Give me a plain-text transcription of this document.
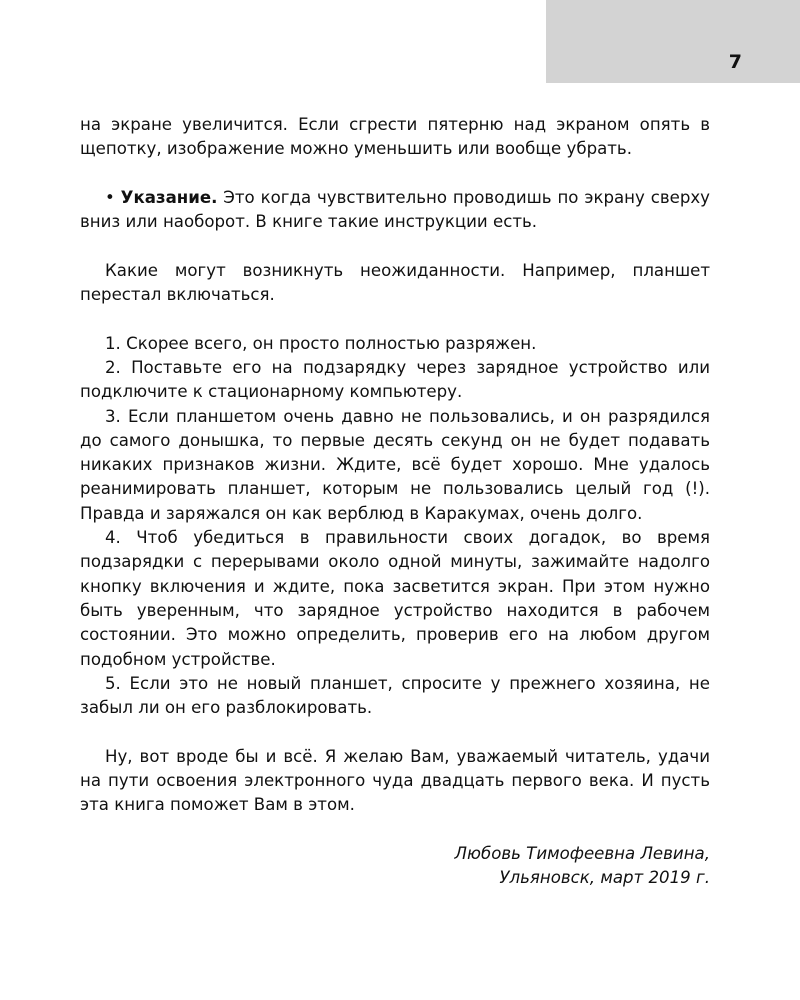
7

на экране увеличится. Если сгрести пятерню над экраном опять в щепотку, изображение можно уменьшить или вообще убрать.

• Указание. Это когда чувствительно проводишь по экрану сверху вниз или наоборот. В книге такие инструкции есть.

Какие могут возникнуть неожиданности. Например, планшет перестал включаться.

1. Скорее всего, он просто полностью разряжен.

2. Поставьте его на подзарядку через зарядное устройство или подключите к стационарному компьютеру.

3. Если планшетом очень давно не пользовались, и он разрядился до самого донышка, то первые десять секунд он не будет подавать никаких признаков жизни. Ждите, всё будет хорошо. Мне удалось реанимировать планшет, которым не пользовались целый год (!). Правда и заряжался он как верблюд в Каракумах, очень долго.

4. Чтоб убедиться в правильности своих догадок, во время подзарядки с перерывами около одной минуты, зажимайте надолго кнопку включения и ждите, пока засветится экран. При этом нужно быть уверенным, что зарядное устройство находится в рабочем состоянии. Это можно определить, проверив его на любом другом подобном устройстве.

5. Если это не новый планшет, спросите у прежнего хозяина, не забыл ли он его разблокировать.

Ну, вот вроде бы и всё. Я желаю Вам, уважаемый читатель, удачи на пути освоения электронного чуда двадцать первого века. И пусть эта книга поможет Вам в этом.

Любовь Тимофеевна Левина,
Ульяновск, март 2019 г.
